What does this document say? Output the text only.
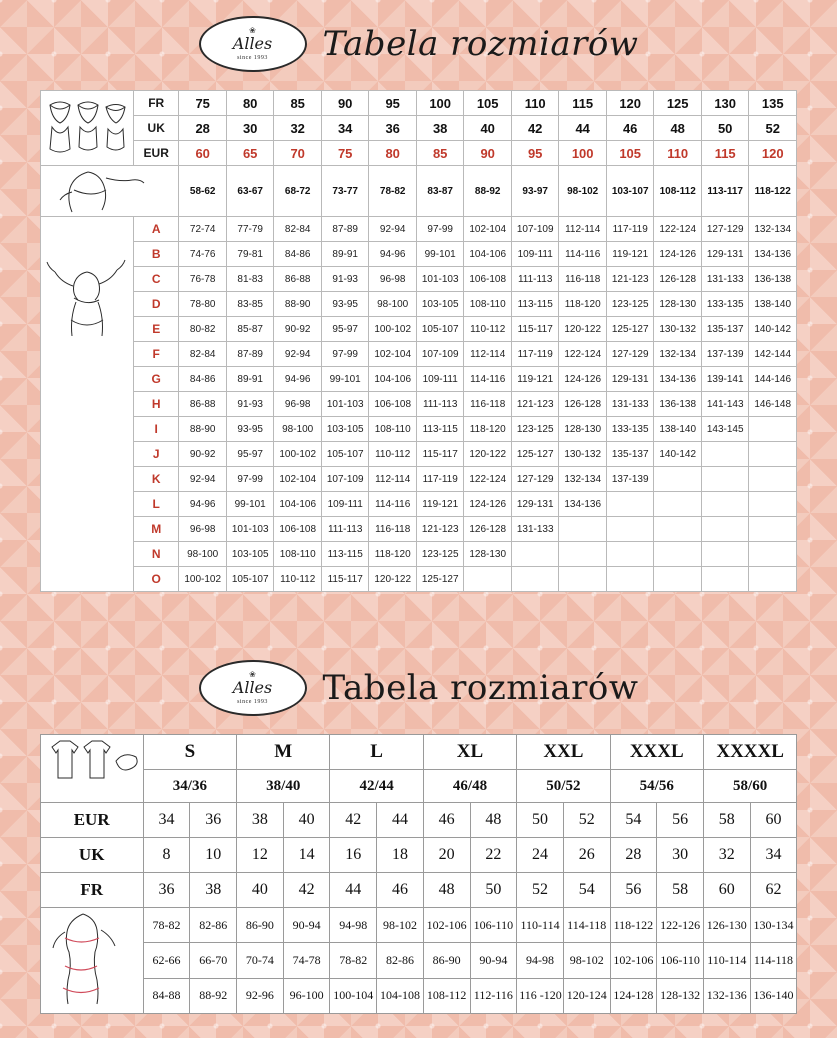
❀
Alles
since 1993 Tabela rozmiarów
	FR	75	80	85	90	95	100	105	110	115	120	125	130	135
	UK	28	30	32	34	36	38	40	42	44	46	48	50	52
	EUR	60	65	70	75	80	85	90	95	100	105	110	115	120

	58-62	63-67	68-72	73-77	78-82	83-87	88-92	93-97	98-102	103-107	108-112	113-117	118-122

	A	72-74	77-79	82-84	87-89	92-94	97-99	102-104	107-109	112-114	117-119	122-124	127-129	132-134
	B	74-76	79-81	84-86	89-91	94-96	99-101	104-106	109-111	114-116	119-121	124-126	129-131	134-136
	C	76-78	81-83	86-88	91-93	96-98	101-103	106-108	111-113	116-118	121-123	126-128	131-133	136-138
	D	78-80	83-85	88-90	93-95	98-100	103-105	108-110	113-115	118-120	123-125	128-130	133-135	138-140
	E	80-82	85-87	90-92	95-97	100-102	105-107	110-112	115-117	120-122	125-127	130-132	135-137	140-142
	F	82-84	87-89	92-94	97-99	102-104	107-109	112-114	117-119	122-124	127-129	132-134	137-139	142-144
	G	84-86	89-91	94-96	99-101	104-106	109-111	114-116	119-121	124-126	129-131	134-136	139-141	144-146
	H	86-88	91-93	96-98	101-103	106-108	111-113	116-118	121-123	126-128	131-133	136-138	141-143	146-148
	I	88-90	93-95	98-100	103-105	108-110	113-115	118-120	123-125	128-130	133-135	138-140	143-145	
	J	90-92	95-97	100-102	105-107	110-112	115-117	120-122	125-127	130-132	135-137	140-142		
	K	92-94	97-99	102-104	107-109	112-114	117-119	122-124	127-129	132-134	137-139			
	L	94-96	99-101	104-106	109-111	114-116	119-121	124-126	129-131	134-136				
	M	96-98	101-103	106-108	111-113	116-118	121-123	126-128	131-133					
	N	98-100	103-105	108-110	113-115	118-120	123-125	128-130						
	O	100-102	105-107	110-112	115-117	120-122	125-127							
❀
Alles
since 1993 Tabela rozmiarów
	S		M		L		XL		XXL		XXXL		XXXXL	
	34/36		38/40		42/44		46/48		50/52		54/56		58/60	
EUR	34	36	38	40	42	44	46	48	50	52	54	56	58	60
UK	8	10	12	14	16	18	20	22	24	26	28	30	32	34
FR	36	38	40	42	44	46	48	50	52	54	56	58	60	62
	78-82	82-86	86-90	90-94	94-98	98-102	102-106	106-110	110-114	114-118	118-122	122-126	126-130	130-134
	62-66	66-70	70-74	74-78	78-82	82-86	86-90	90-94	94-98	98-102	102-106	106-110	110-114	114-118
	84-88	88-92	92-96	96-100	100-104	104-108	108-112	112-116	116 -120	120-124	124-128	128-132	132-136	136-140
